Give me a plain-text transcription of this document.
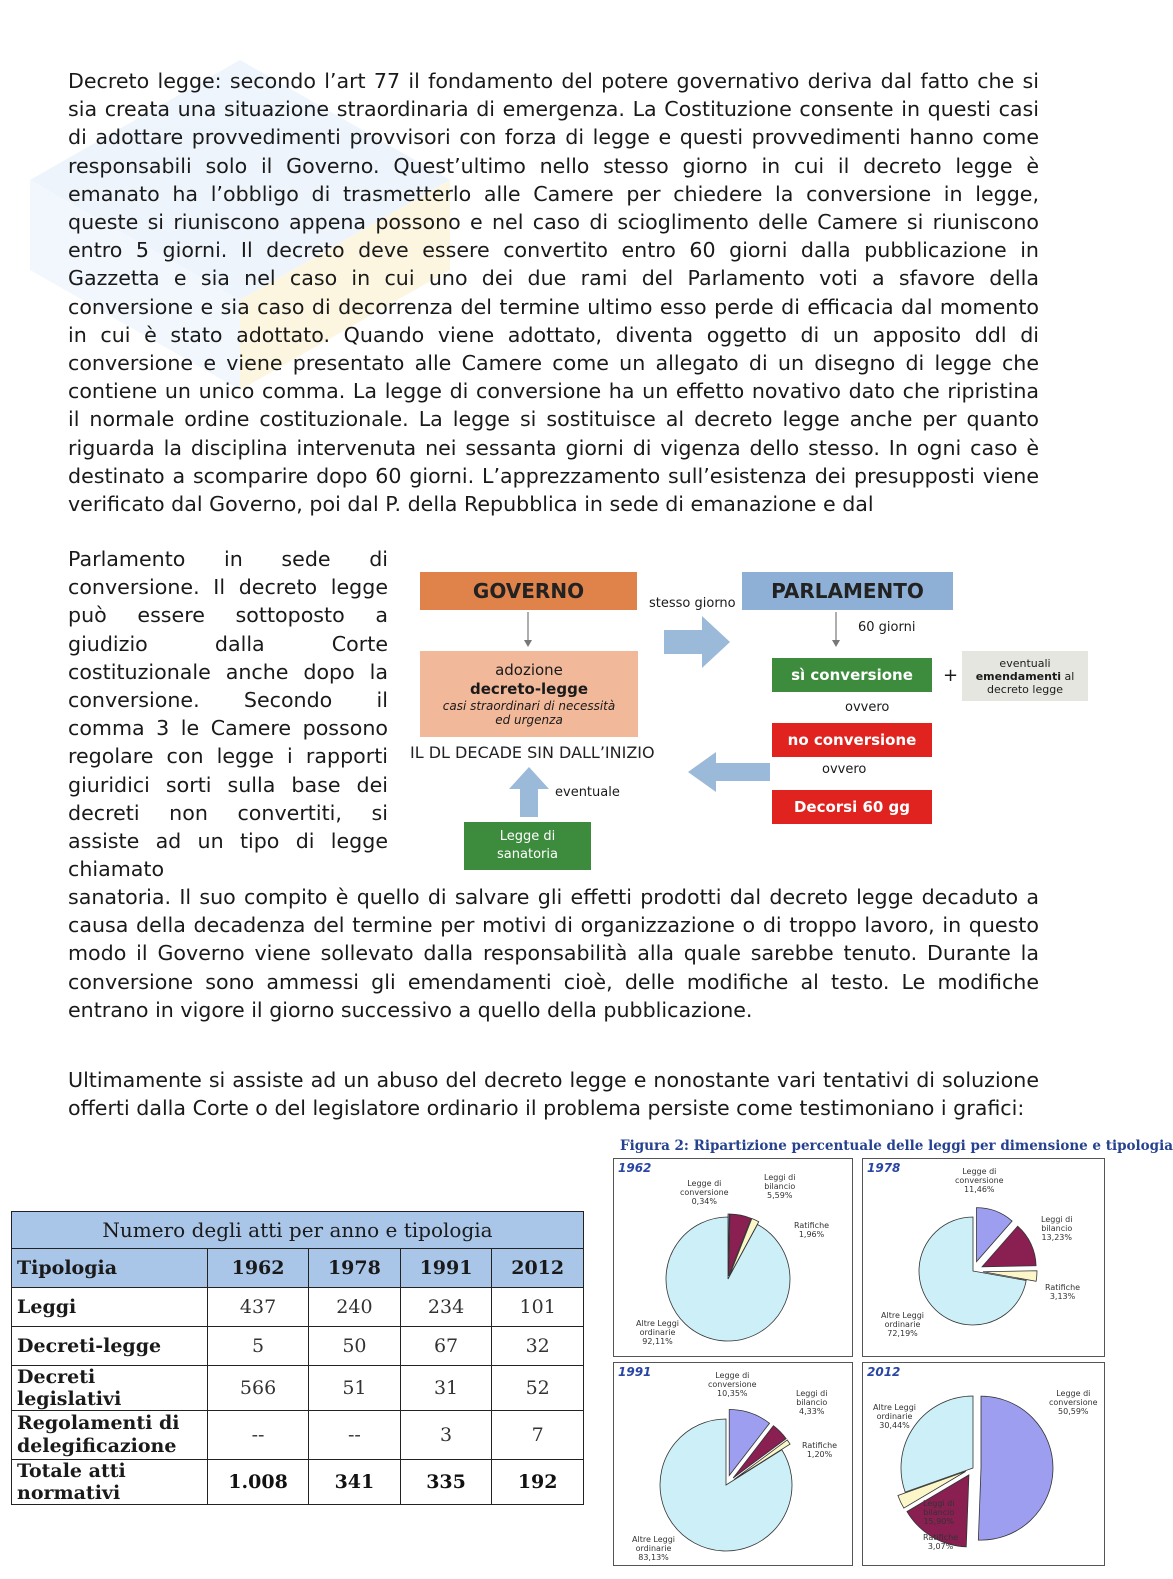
Decreto legge: secondo l’art 77 il fondamento del potere governativo deriva dal fatto che si sia creata una situazione straordinaria di emergenza. La Costituzione consente in questi casi di adottare provvedimenti provvisori con forza di legge e questi provvedimenti hanno come responsabili solo il Governo. Quest’ultimo nello stesso giorno in cui il decreto legge è emanato ha l’obbligo di trasmetterlo alle Camere per chiedere la conversione in legge, queste si riuniscono appena possono e nel caso di scioglimento delle Camere si riuniscono entro 5 giorni. Il decreto deve essere convertito entro 60 giorni dalla pubblicazione in Gazzetta e sia nel caso in cui uno dei due rami del Parlamento voti a sfavore della conversione e sia caso di decorrenza del termine ultimo esso perde di efficacia dal momento in cui è stato adottato. Quando viene adottato, diventa oggetto di un apposito ddl di conversione e viene presentato alle Camere come un allegato di un disegno di legge che contiene un unico comma. La legge di conversione ha un effetto novativo dato che ripristina il normale ordine costituzionale. La legge si sostituisce al decreto legge anche per quanto riguarda la disciplina intervenuta nei sessanta giorni di vigenza dello stesso. In ogni caso è destinato a scomparire dopo 60 giorni. L’apprezzamento sull’esistenza dei presupposti viene verificato dal Governo, poi dal P. della Repubblica in sede di emanazione e dal

Parlamento in sede di conversione. Il decreto legge può essere sottoposto a giudizio dalla Corte costituzionale anche dopo la conversione. Secondo il comma 3 le Camere possono regolare con legge i rapporti giuridici sorti sulla base dei decreti non convertiti, si assiste ad un tipo di legge chiamato

GOVERNO	PARLAMENTO
stesso giorno
60 giorni
adozione
decreto-legge
casi straordinari di necessità
ed urgenza
sì conversione	+
eventuali
emendamenti al
decreto legge
ovvero
no conversione
ovvero
Decorsi 60 gg
IL DL DECADE SIN DALL’INIZIO
eventuale
Legge di
sanatoria

sanatoria. Il suo compito è quello di salvare gli effetti prodotti dal decreto legge decaduto a causa della decadenza del termine per motivi di organizzazione o di troppo lavoro, in questo modo il Governo viene sollevato dalla responsabilità alla quale sarebbe tenuto. Durante la conversione sono ammessi gli emendamenti cioè, delle modifiche al testo. Le modifiche entrano in vigore il giorno successivo a quello della pubblicazione.

Ultimamente si assiste ad un abuso del decreto legge e nonostante vari tentativi di soluzione offerti dalla Corte o del legislatore ordinario il problema persiste come testimoniano i grafici:

Numero degli atti per anno e tipologia				
Tipologia	1962	1978	1991	2012
Leggi	437	240	234	101
Decreti-legge	5	50	67	32
Decreti legislativi	566	51	31	52
Regolamenti di delegificazione	--	--	3	7
Totale atti normativi	1.008	341	335	192
Figura 2: Ripartizione percentuale delle leggi per dimensione e tipologia
1962
Altre Leggi
ordinarie
92,11%
Legge di
conversione
0,34%
Leggi di
bilancio
5,59%
Ratifiche
1,96%
1978
Altre Leggi
ordinarie
72,19%
Legge di
conversione
11,46%
Leggi di
bilancio
13,23%
Ratifiche
3,13%
1991
Altre Leggi
ordinarie
83,13%
Legge di
conversione
10,35%	Leggi di
bilancio
4,33%
Ratifiche
1,20%
2012
Altre Leggi
ordinarie
30,44%
Legge di
conversione
50,59%
Leggi di
bilancio
15,90%
Ratifiche
3,07%
